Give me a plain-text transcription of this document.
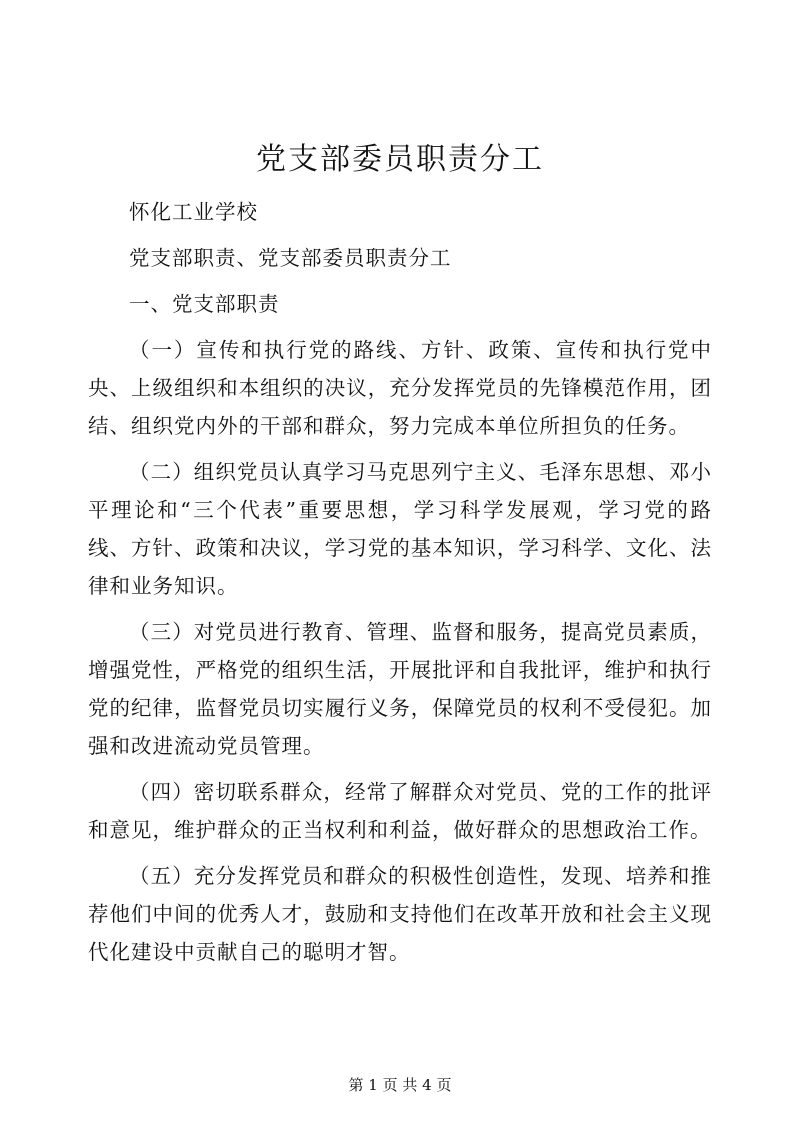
党支部委员职责分工

怀化工业学校

党支部职责、党支部委员职责分工

一、党支部职责

（一）宣传和执行党的路线、方针、政策、宣传和执行党中央、上级组织和本组织的决议，充分发挥党员的先锋模范作用，团结、组织党内外的干部和群众，努力完成本单位所担负的任务。

（二）组织党员认真学习马克思列宁主义、毛泽东思想、邓小平理论和“三个代表”重要思想，学习科学发展观，学习党的路线、方针、政策和决议，学习党的基本知识，学习科学、文化、法律和业务知识。

（三）对党员进行教育、管理、监督和服务，提高党员素质，增强党性，严格党的组织生活，开展批评和自我批评，维护和执行党的纪律，监督党员切实履行义务，保障党员的权利不受侵犯。加强和改进流动党员管理。

（四）密切联系群众，经常了解群众对党员、党的工作的批评和意见，维护群众的正当权利和利益，做好群众的思想政治工作。

（五）充分发挥党员和群众的积极性创造性，发现、培养和推荐他们中间的优秀人才，鼓励和支持他们在改革开放和社会主义现代化建设中贡献自己的聪明才智。

第 1 页 共 4 页
